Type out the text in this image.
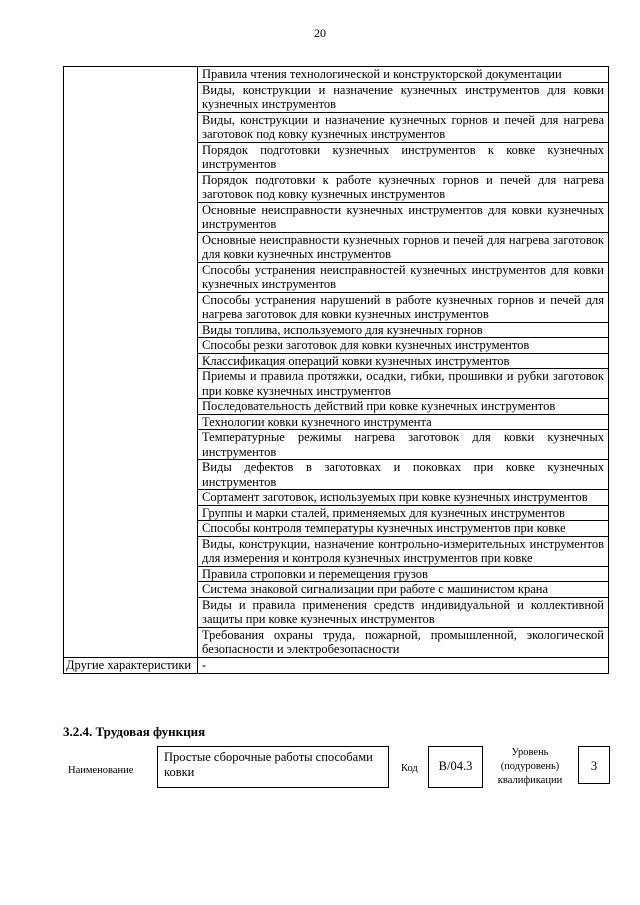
20
	Правила чтения технологической и конструкторской документации
	Виды, конструкции и назначение кузнечных инструментов для ковки кузнечных инструментов
	Виды, конструкции и назначение кузнечных горнов и печей для нагрева заготовок под ковку кузнечных инструментов
	Порядок подготовки кузнечных инструментов к ковке кузнечных инструментов
	Порядок подготовки к работе кузнечных горнов и печей для нагрева заготовок под ковку кузнечных инструментов
	Основные неисправности кузнечных инструментов для ковки кузнечных инструментов
	Основные неисправности кузнечных горнов и печей для нагрева заготовок для ковки кузнечных инструментов
	Способы устранения неисправностей кузнечных инструментов для ковки кузнечных инструментов
	Способы устранения нарушений в работе кузнечных горнов и печей для нагрева заготовок для ковки кузнечных инструментов
	Виды топлива, используемого для кузнечных горнов
	Способы резки заготовок для ковки кузнечных инструментов
	Классификация операций ковки кузнечных инструментов
	Приемы и правила протяжки, осадки, гибки, прошивки и рубки заготовок при ковке кузнечных инструментов
	Последовательность действий при ковке кузнечных инструментов
	Технологии ковки кузнечного инструмента
	Температурные режимы нагрева заготовок для ковки кузнечных инструментов
	Виды дефектов в заготовках и поковках при ковке кузнечных инструментов
	Сортамент заготовок, используемых при ковке кузнечных инструментов
	Группы и марки сталей, применяемых для кузнечных инструментов
	Способы контроля температуры кузнечных инструментов при ковке
	Виды, конструкции, назначение контрольно-измерительных инструментов для измерения и контроля кузнечных инструментов при ковке
	Правила строповки и перемещения грузов
	Система знаковой сигнализации при работе с машинистом крана
	Виды и правила применения средств индивидуальной и коллективной защиты при ковке кузнечных инструментов
	Требования охраны труда, пожарной, промышленной, экологической безопасности и электробезопасности
Другие характеристики	-
3.2.4. Трудовая функция
Наименование
Простые сборочные работы способами ковки	Код	В/04.3
Уровень
(подуровень)
квалификации
3
